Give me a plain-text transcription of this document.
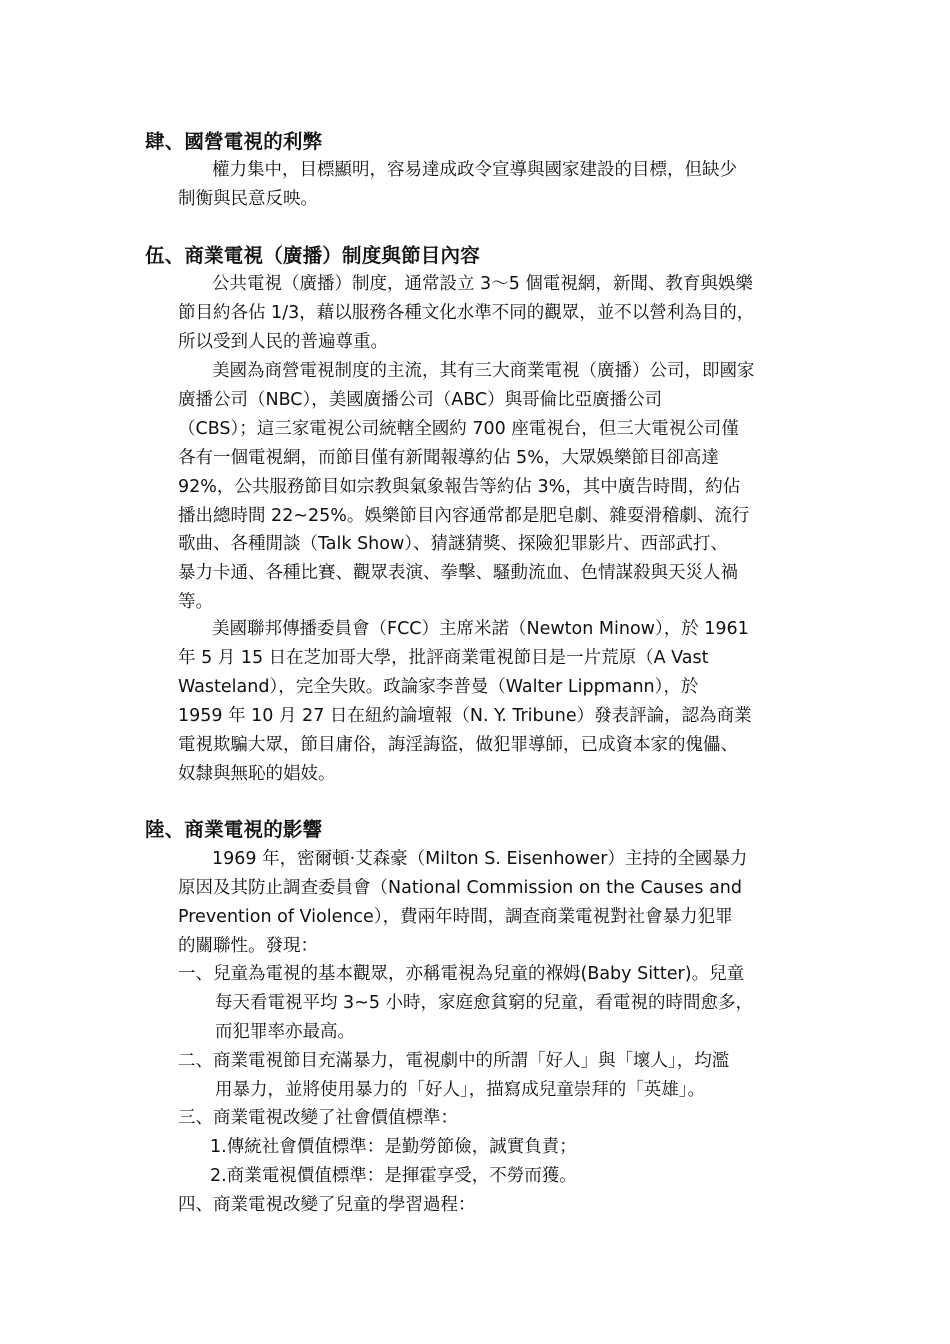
肆、國營電視的利弊
權力集中，目標顯明，容易達成政令宣導與國家建設的目標，但缺少
制衡與民意反映。
伍、商業電視（廣播）制度與節目內容
公共電視（廣播）制度，通常設立 3～5 個電視網，新聞、教育與娛樂
節目約各佔 1/3，藉以服務各種文化水準不同的觀眾，並不以營利為目的，
所以受到人民的普遍尊重。
美國為商營電視制度的主流，其有三大商業電視（廣播）公司，即國家
廣播公司（NBC），美國廣播公司（ABC）與哥倫比亞廣播公司
（CBS）；這三家電視公司統轄全國約 700 座電視台，但三大電視公司僅
各有一個電視網，而節目僅有新聞報導約佔 5%，大眾娛樂節目卻高達
92%，公共服務節目如宗教與氣象報告等約佔 3%，其中廣告時間，約佔
播出總時間 22~25%。娛樂節目內容通常都是肥皂劇、雜耍滑稽劇、流行
歌曲、各種閒談（Talk Show）、猜謎猜獎、探險犯罪影片、西部武打、
暴力卡通、各種比賽、觀眾表演、拳擊、騷動流血、色情謀殺與天災人禍
等。
美國聯邦傳播委員會（FCC）主席米諾（Newton Minow），於 1961
年 5 月 15 日在芝加哥大學，批評商業電視節目是一片荒原（A Vast
Wasteland），完全失敗。政論家李普曼（Walter Lippmann），於
1959 年 10 月 27 日在紐約論壇報（N. Y. Tribune）發表評論，認為商業
電視欺騙大眾，節目庸俗，誨淫誨盜，做犯罪導師，已成資本家的傀儡、
奴隸與無恥的娼妓。
陸、商業電視的影響
1969 年，密爾頓·艾森豪（Milton S. Eisenhower）主持的全國暴力
原因及其防止調查委員會（National Commission on the Causes and
Prevention of Violence），費兩年時間，調查商業電視對社會暴力犯罪
的關聯性。發現：
一、兒童為電視的基本觀眾，亦稱電視為兒童的褓姆(Baby Sitter)。兒童
每天看電視平均 3~5 小時，家庭愈貧窮的兒童，看電視的時間愈多，
而犯罪率亦最高。
二、商業電視節目充滿暴力，電視劇中的所謂「好人」與「壞人」，均濫
用暴力，並將使用暴力的「好人」，描寫成兒童崇拜的「英雄」。
三、商業電視改變了社會價值標準：
1.傳統社會價值標準：是勤勞節儉，誠實負責；
2.商業電視價值標準：是揮霍享受，不勞而獲。
四、商業電視改變了兒童的學習過程：
